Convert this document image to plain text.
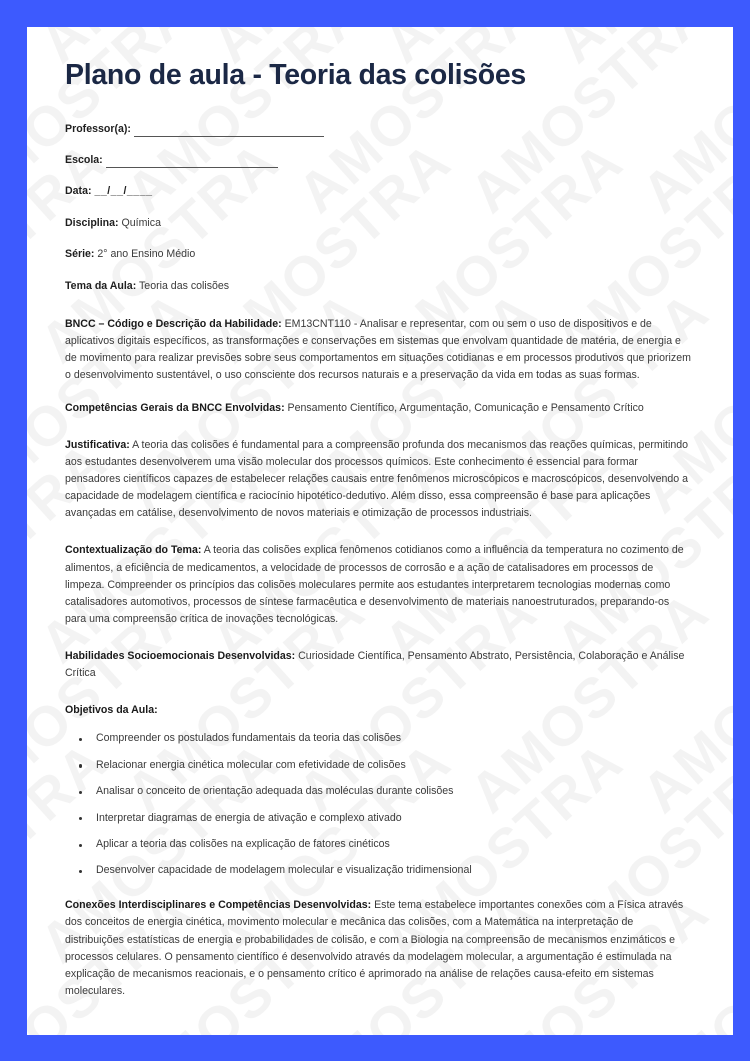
Plano de aula - Teoria das colisões
Professor(a):
Escola:
Data: __/__/____
Disciplina: Química
Série: 2° ano Ensino Médio
Tema da Aula: Teoria das colisões

BNCC – Código e Descrição da Habilidade: EM13CNT110 - Analisar e representar, com ou sem o uso de dispositivos e de aplicativos digitais específicos, as transformações e conservações em sistemas que envolvam quantidade de matéria, de energia e de movimento para realizar previsões sobre seus comportamentos em situações cotidianas e em processos produtivos que priorizem o desenvolvimento sustentável, o uso consciente dos recursos naturais e a preservação da vida em todas as suas formas.

Competências Gerais da BNCC Envolvidas: Pensamento Científico, Argumentação, Comunicação e Pensamento Crítico

Justificativa: A teoria das colisões é fundamental para a compreensão profunda dos mecanismos das reações químicas, permitindo aos estudantes desenvolverem uma visão molecular dos processos químicos. Este conhecimento é essencial para formar pensadores científicos capazes de estabelecer relações causais entre fenômenos microscópicos e macroscópicos, desenvolvendo a capacidade de modelagem científica e raciocínio hipotético-dedutivo. Além disso, essa compreensão é base para aplicações avançadas em catálise, desenvolvimento de novos materiais e otimização de processos industriais.

Contextualização do Tema: A teoria das colisões explica fenômenos cotidianos como a influência da temperatura no cozimento de alimentos, a eficiência de medicamentos, a velocidade de processos de corrosão e a ação de catalisadores em processos de limpeza. Compreender os princípios das colisões moleculares permite aos estudantes interpretarem tecnologias modernas como catalisadores automotivos, processos de síntese farmacêutica e desenvolvimento de materiais nanoestruturados, preparando-os para uma compreensão crítica de inovações tecnológicas.

Habilidades Socioemocionais Desenvolvidas: Curiosidade Científica, Pensamento Abstrato, Persistência, Colaboração e Análise Crítica

Objetivos da Aula:
Compreender os postulados fundamentais da teoria das colisões
Relacionar energia cinética molecular com efetividade de colisões
Analisar o conceito de orientação adequada das moléculas durante colisões
Interpretar diagramas de energia de ativação e complexo ativado
Aplicar a teoria das colisões na explicação de fatores cinéticos
Desenvolver capacidade de modelagem molecular e visualização tridimensional

Conexões Interdisciplinares e Competências Desenvolvidas: Este tema estabelece importantes conexões com a Física através dos conceitos de energia cinética, movimento molecular e mecânica das colisões, com a Matemática na interpretação de distribuições estatísticas de energia e probabilidades de colisão, e com a Biologia na compreensão de mecanismos enzimáticos e processos celulares. O pensamento científico é desenvolvido através da modelagem molecular, a argumentação é estimulada na explicação de mecanismos reacionais, e o pensamento crítico é aprimorado na análise de relações causa-efeito em sistemas moleculares.
